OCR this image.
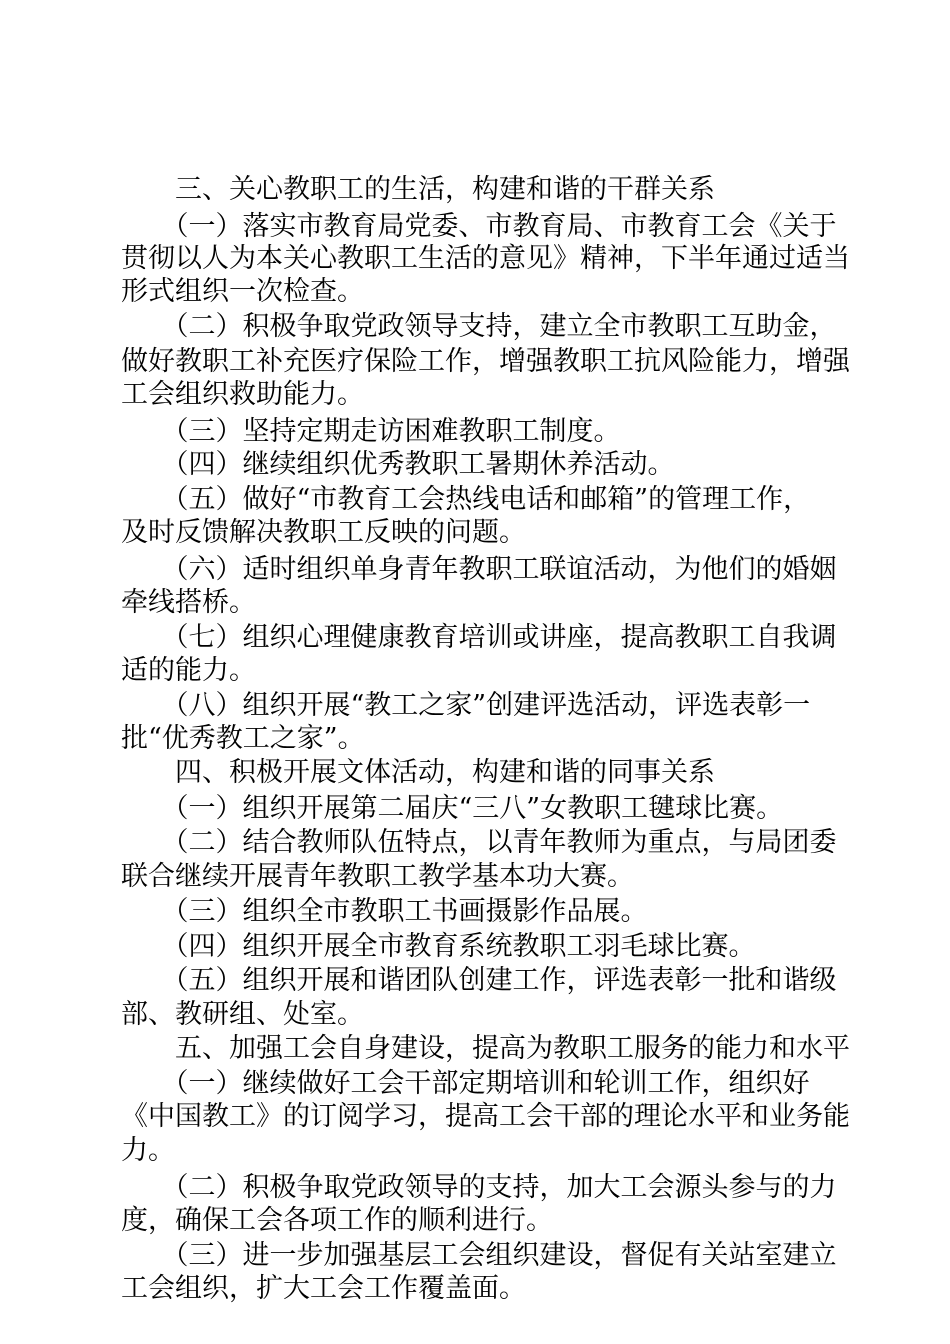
　　三、关心教职工的生活，构建和谐的干群关系
　　（一）落实市教育局党委、市教育局、市教育工会《关于
贯彻以人为本关心教职工生活的意见》精神，下半年通过适当
形式组织一次检查。
　　（二）积极争取党政领导支持，建立全市教职工互助金，
做好教职工补充医疗保险工作，增强教职工抗风险能力，增强
工会组织救助能力。
　　（三）坚持定期走访困难教职工制度。
　　（四）继续组织优秀教职工暑期休养活动。
　　（五）做好“市教育工会热线电话和邮箱”的管理工作，
及时反馈解决教职工反映的问题。
　　（六）适时组织单身青年教职工联谊活动，为他们的婚姻
牵线搭桥。
　　（七）组织心理健康教育培训或讲座，提高教职工自我调
适的能力。
　　（八）组织开展“教工之家”创建评选活动，评选表彰一
批“优秀教工之家”。
　　四、积极开展文体活动，构建和谐的同事关系
　　（一）组织开展第二届庆“三八”女教职工毽球比赛。
　　（二）结合教师队伍特点，以青年教师为重点，与局团委
联合继续开展青年教职工教学基本功大赛。
　　（三）组织全市教职工书画摄影作品展。
　　（四）组织开展全市教育系统教职工羽毛球比赛。
　　（五）组织开展和谐团队创建工作，评选表彰一批和谐级
部、教研组、处室。
　　五、加强工会自身建设，提高为教职工服务的能力和水平
　　（一）继续做好工会干部定期培训和轮训工作，组织好
《中国教工》的订阅学习，提高工会干部的理论水平和业务能
力。
　　（二）积极争取党政领导的支持，加大工会源头参与的力
度，确保工会各项工作的顺利进行。
　　（三）进一步加强基层工会组织建设，督促有关站室建立
工会组织，扩大工会工作覆盖面。
